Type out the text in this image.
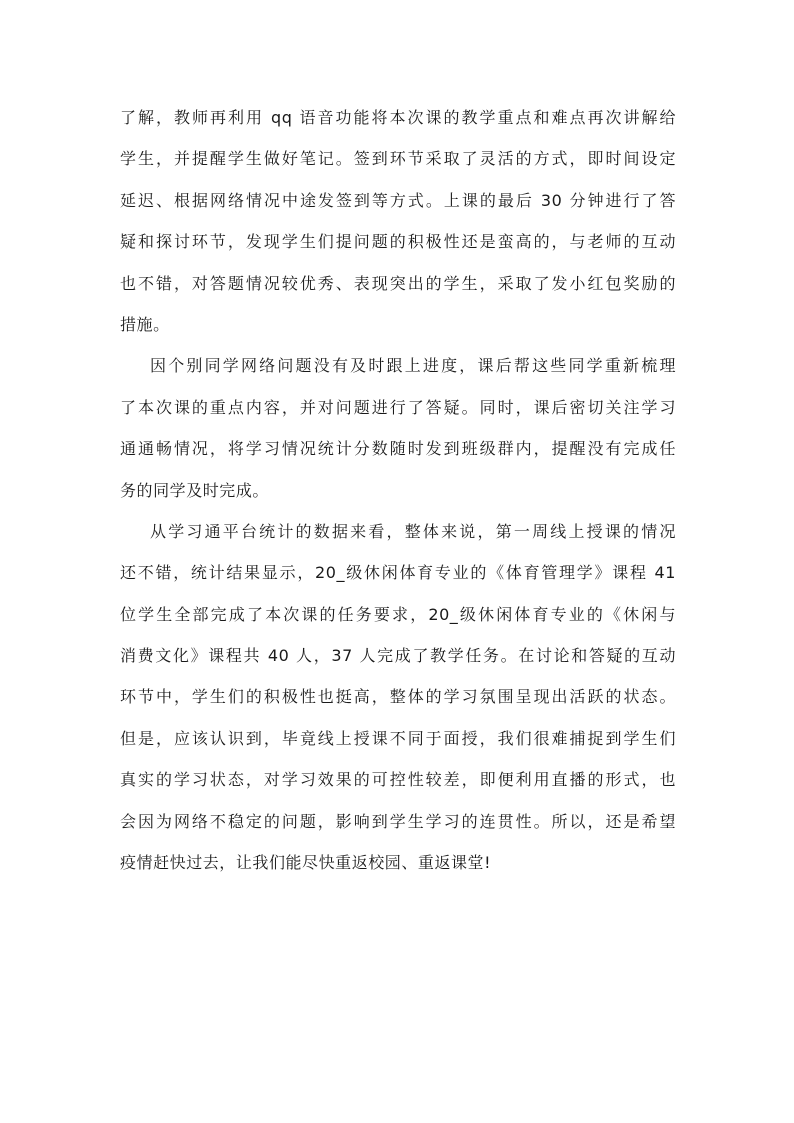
了解，教师再利用 qq 语音功能将本次课的教学重点和难点再次讲解给
学生，并提醒学生做好笔记。签到环节采取了灵活的方式，即时间设定
延迟、根据网络情况中途发签到等方式。上课的最后 30 分钟进行了答
疑和探讨环节，发现学生们提问题的积极性还是蛮高的，与老师的互动
也不错，对答题情况较优秀、表现突出的学生，采取了发小红包奖励的
措施。
因个别同学网络问题没有及时跟上进度，课后帮这些同学重新梳理
了本次课的重点内容，并对问题进行了答疑。同时，课后密切关注学习
通通畅情况，将学习情况统计分数随时发到班级群内，提醒没有完成任
务的同学及时完成。
从学习通平台统计的数据来看，整体来说，第一周线上授课的情况
还不错，统计结果显示，20_级休闲体育专业的《体育管理学》课程 41
位学生全部完成了本次课的任务要求，20_级休闲体育专业的《休闲与
消费文化》课程共 40 人，37 人完成了教学任务。在讨论和答疑的互动
环节中，学生们的积极性也挺高，整体的学习氛围呈现出活跃的状态。
但是，应该认识到，毕竟线上授课不同于面授，我们很难捕捉到学生们
真实的学习状态，对学习效果的可控性较差，即便利用直播的形式，也
会因为网络不稳定的问题，影响到学生学习的连贯性。所以，还是希望
疫情赶快过去，让我们能尽快重返校园、重返课堂!
